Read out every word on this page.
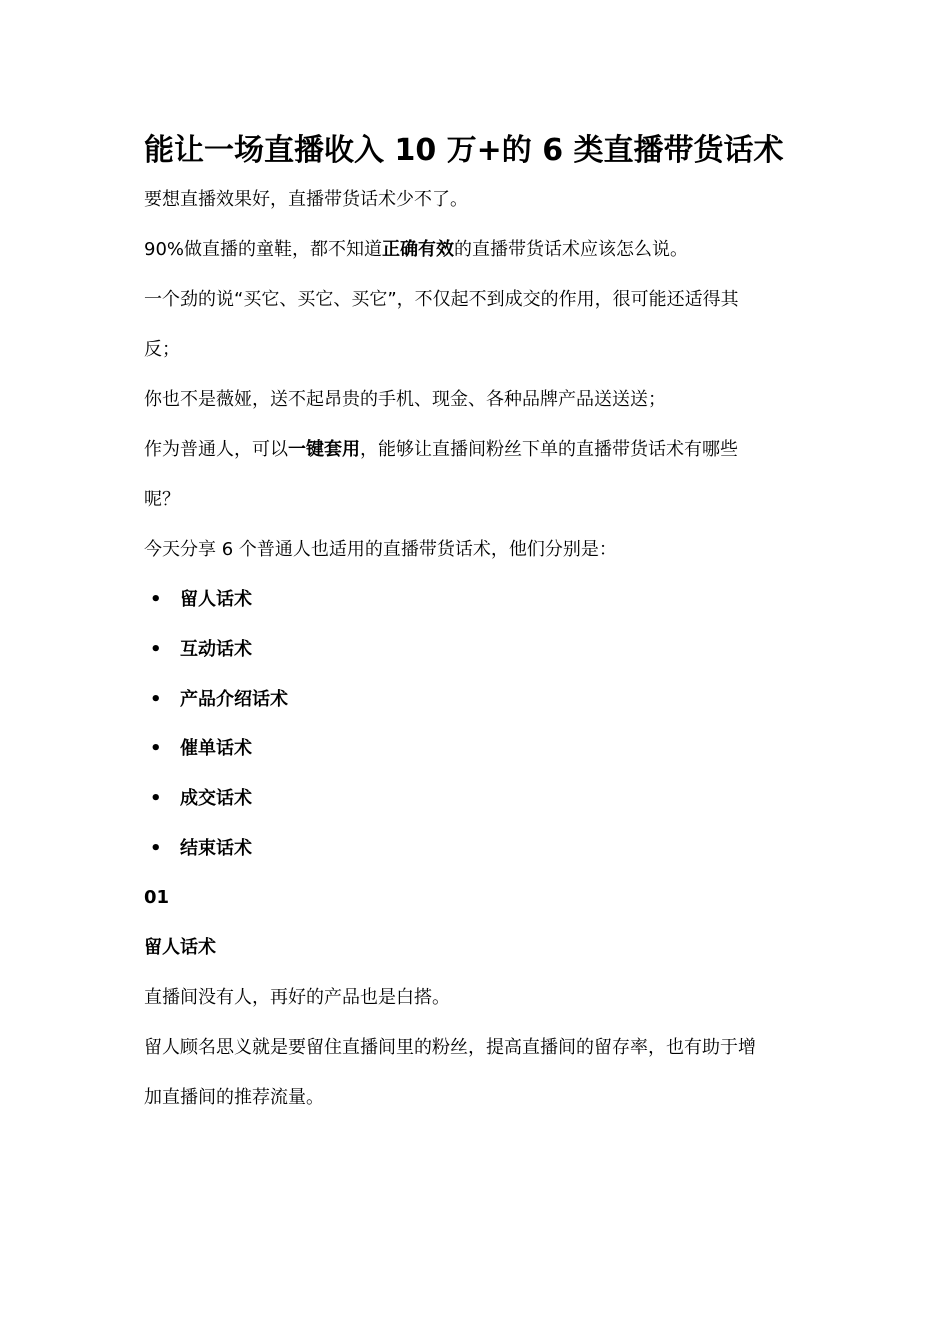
能让一场直播收入 10 万+的 6 类直播带货话术

要想直播效果好，直播带货话术少不了。

90%做直播的童鞋，都不知道正确有效的直播带货话术应该怎么说。

一个劲的说“买它、买它、买它”，不仅起不到成交的作用，很可能还适得其

反；

你也不是薇娅，送不起昂贵的手机、现金、各种品牌产品送送送；

作为普通人，可以一键套用，能够让直播间粉丝下单的直播带货话术有哪些

呢？

今天分享 6 个普通人也适用的直播带货话术，他们分别是：

• 留人话术
• 互动话术
• 产品介绍话术
• 催单话术
• 成交话术
• 结束话术

01

留人话术

直播间没有人，再好的产品也是白搭。

留人顾名思义就是要留住直播间里的粉丝，提高直播间的留存率，也有助于增

加直播间的推荐流量。
